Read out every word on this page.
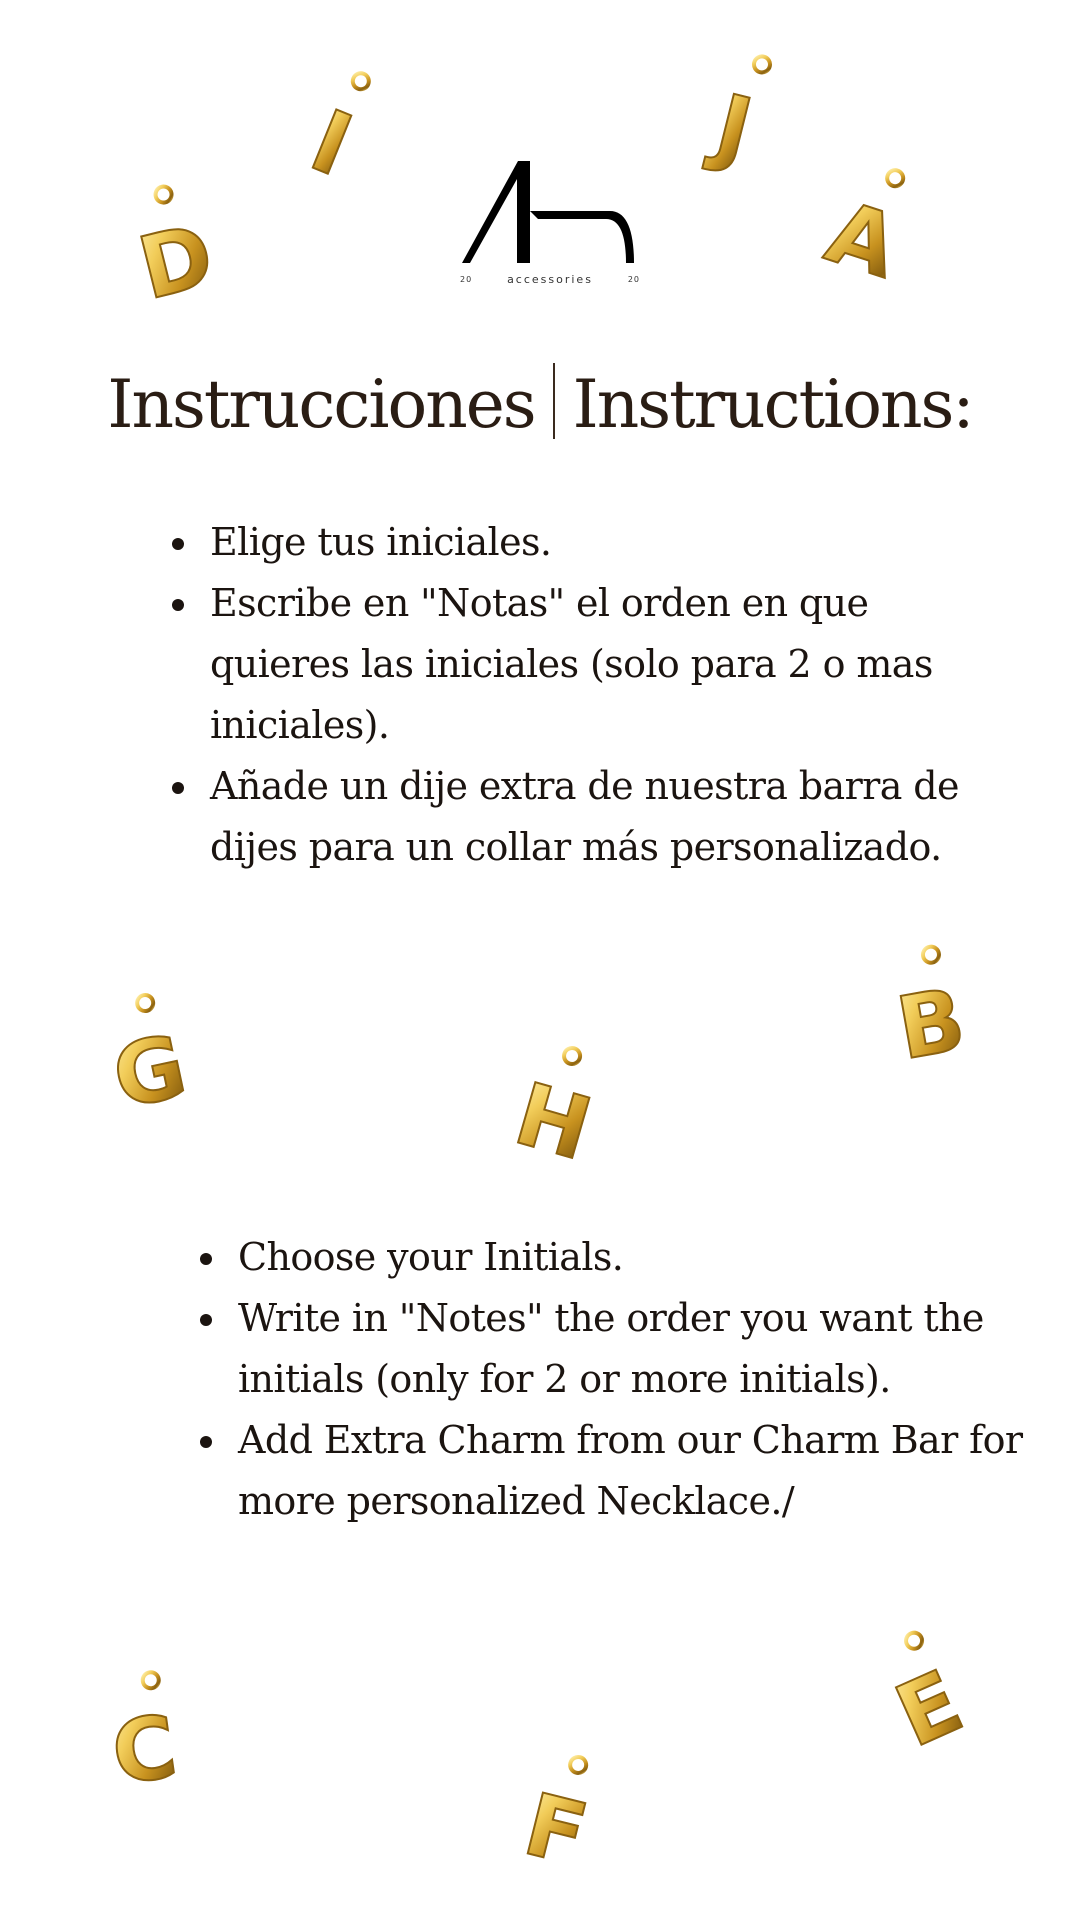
20	accessories	20
Instrucciones Instructions:
Elige tus iniciales.
Escribe en "Notas" el orden en que quieres las iniciales (solo para 2 o mas iniciales).
Añade un dije extra de nuestra barra de dijes para un collar más personalizado.
Choose your Initials.
Write in "Notes" the order you want the initials (only for 2 or more initials).
Add Extra Charm from our Charm Bar for more personalized Necklace./
D
I	J
A
G	H
B
C
F
E
